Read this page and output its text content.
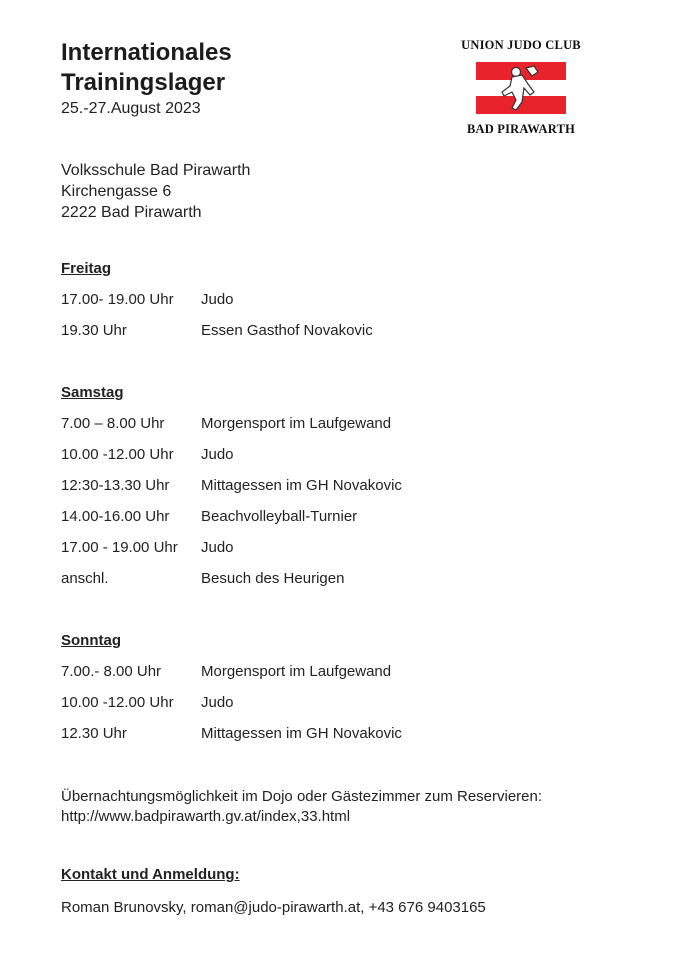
Internationales
Trainingslager
25.-27.August 2023
UNION JUDO CLUB
BAD PIRAWARTH
Volksschule Bad Pirawarth
Kirchengasse 6
2222 Bad Pirawarth
Freitag
17.00- 19.00 Uhr	Judo
19.30 Uhr	Essen Gasthof Novakovic
Samstag
7.00 – 8.00 Uhr	Morgensport im Laufgewand
10.00 -12.00 Uhr	Judo
12:30-13.30 Uhr	Mittagessen im GH Novakovic
14.00-16.00 Uhr	Beachvolleyball-Turnier
17.00 - 19.00 Uhr	Judo
anschl.	Besuch des Heurigen
Sonntag
7.00.- 8.00 Uhr	Morgensport im Laufgewand
10.00 -12.00 Uhr	Judo
12.30 Uhr	Mittagessen im GH Novakovic
Übernachtungsmöglichkeit im Dojo oder Gästezimmer zum Reservieren:
http://www.badpirawarth.gv.at/index,33.html
Kontakt und Anmeldung:
Roman Brunovsky, roman@judo-pirawarth.at, +43 676 9403165
